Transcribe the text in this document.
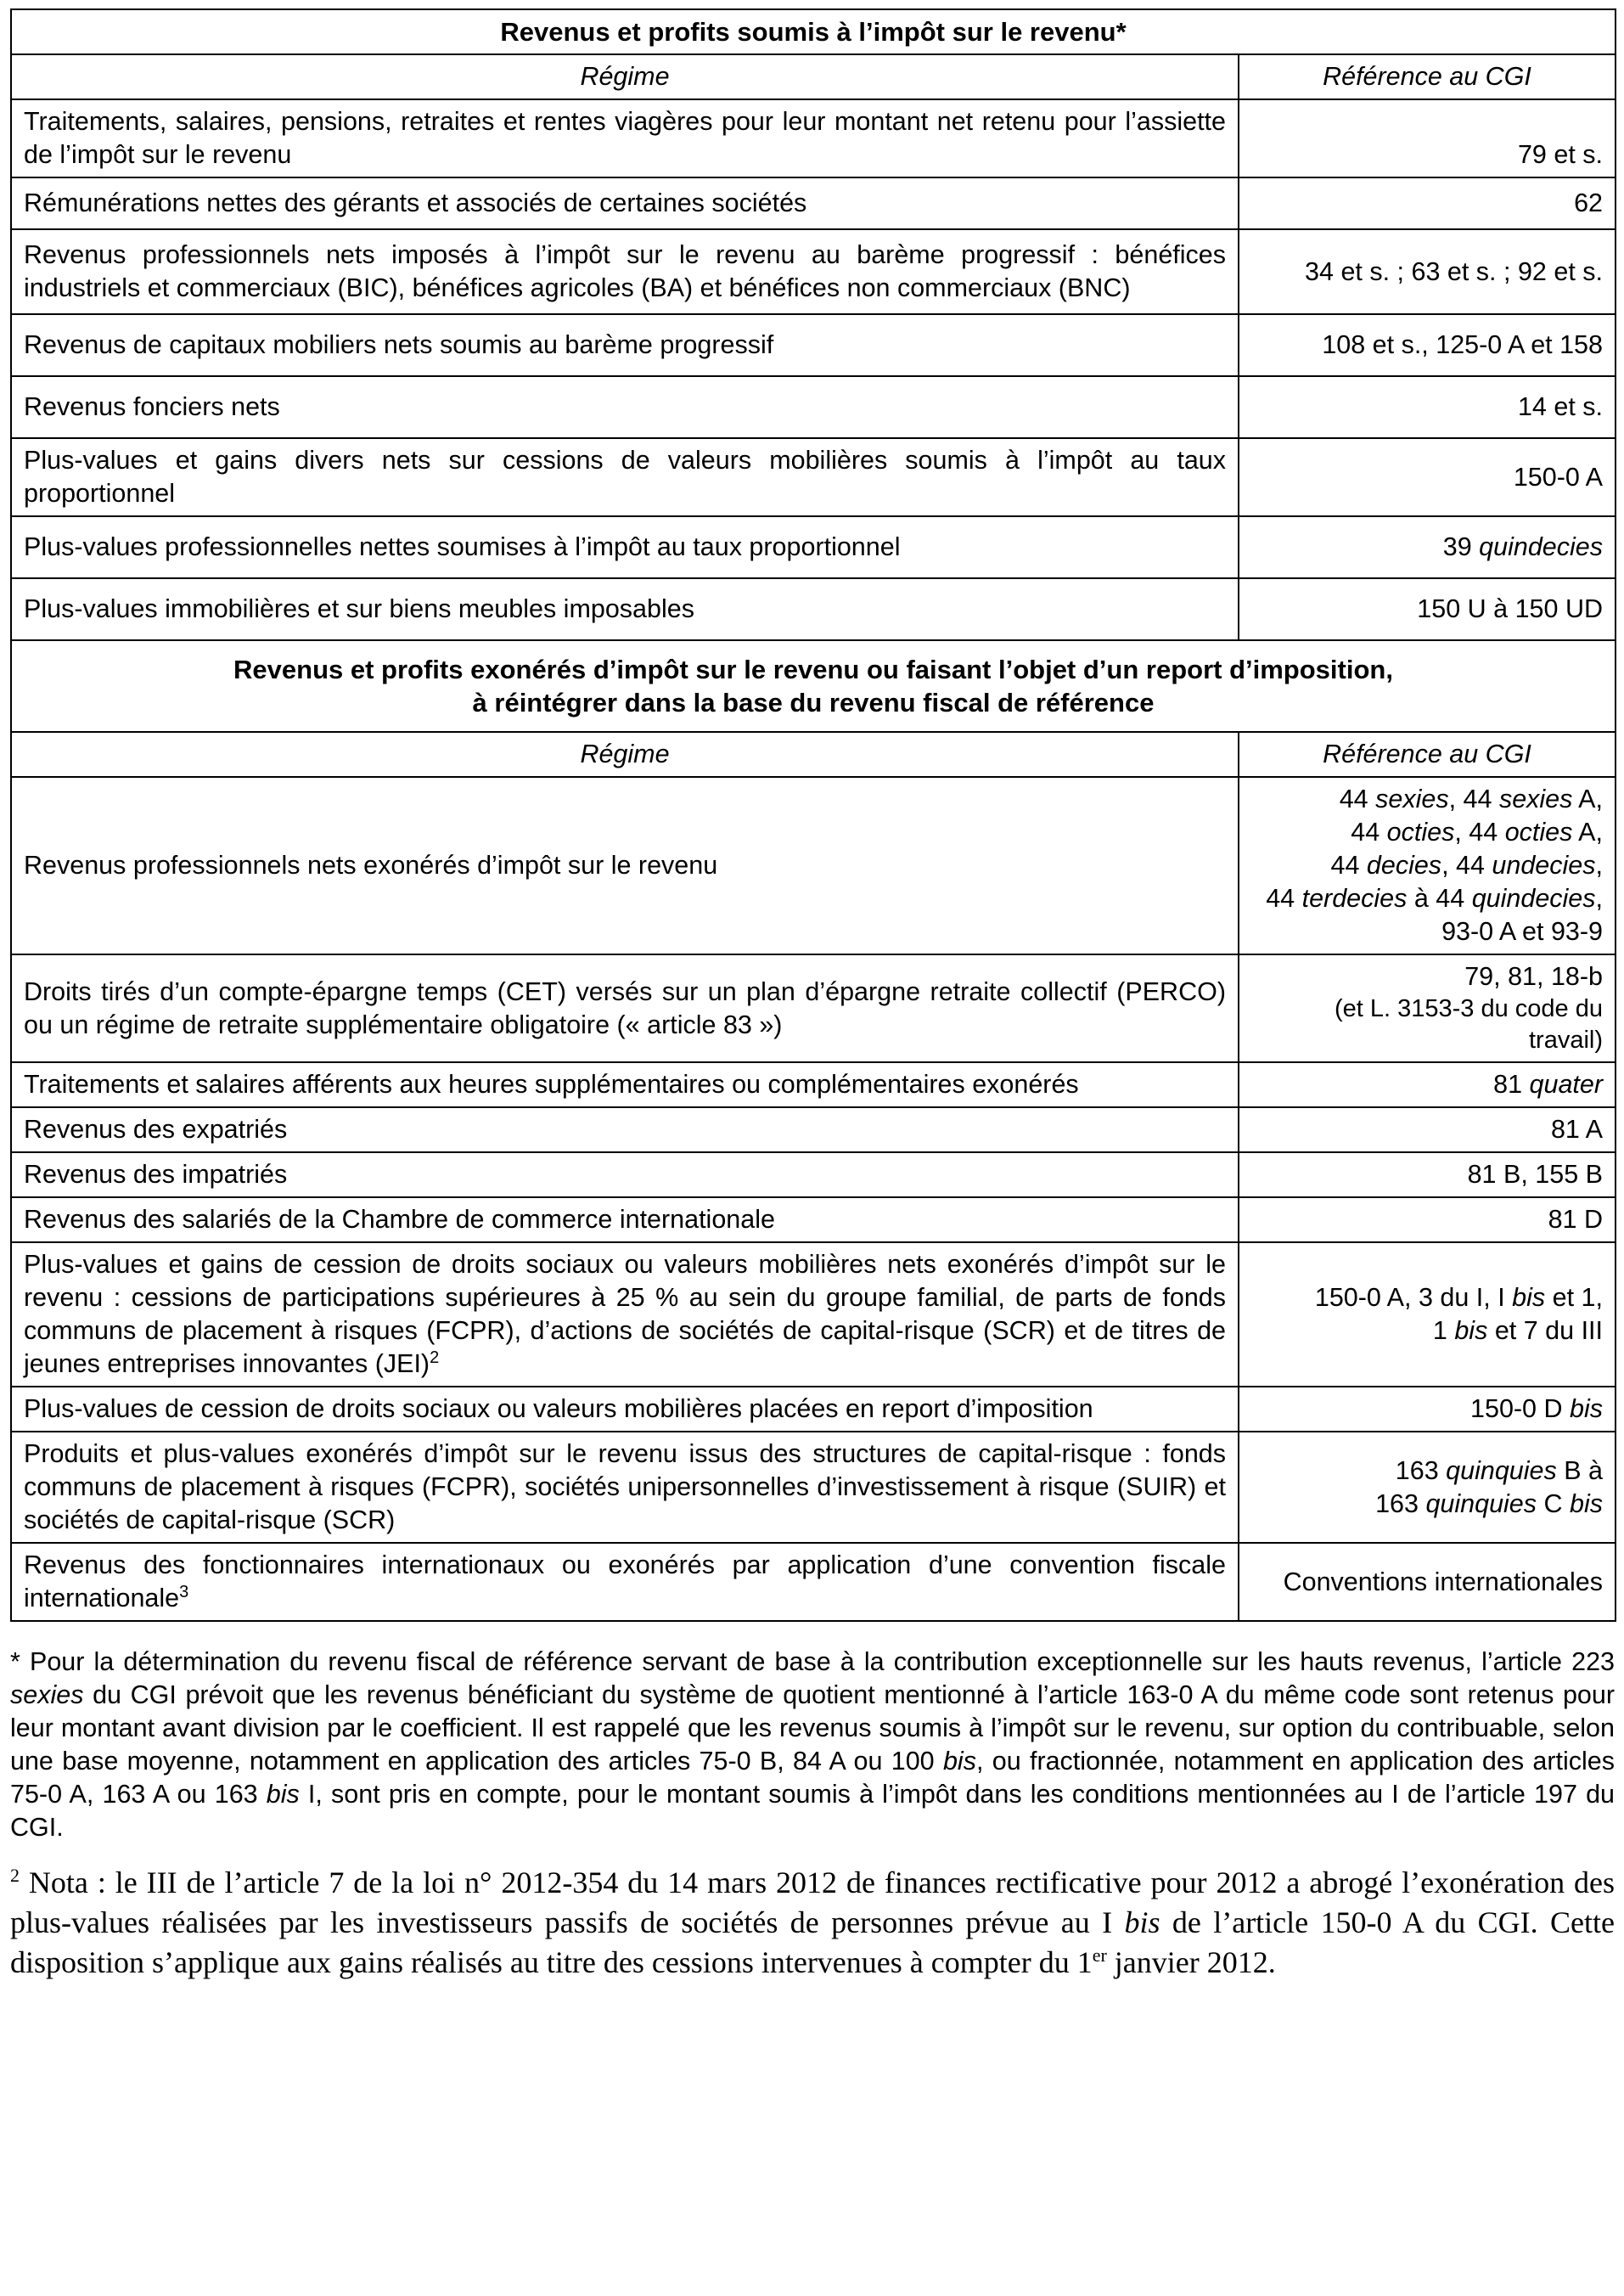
Revenus et profits soumis à l’impôt sur le revenu*	
Régime	Référence au CGI
Traitements, salaires, pensions, retraites et rentes viagères pour leur montant net retenu pour l’assiette de l’impôt sur le revenu	79 et s.
Rémunérations nettes des gérants et associés de certaines sociétés	62
Revenus professionnels nets imposés à l’impôt sur le revenu au barème progressif : bénéfices industriels et commerciaux (BIC), bénéfices agricoles (BA) et bénéfices non commerciaux (BNC)	34 et s. ; 63 et s. ; 92 et s.
Revenus de capitaux mobiliers nets soumis au barème progressif	108 et s., 125-0 A et 158
Revenus fonciers nets	14 et s.
Plus-values et gains divers nets sur cessions de valeurs mobilières soumis à l’impôt au taux proportionnel	150-0 A
Plus-values professionnelles nettes soumises à l’impôt au taux proportionnel	39 quindecies
Plus-values immobilières et sur biens meubles imposables	150 U à 150 UD

Revenus et profits exonérés d’impôt sur le revenu ou faisant l’objet d’un report d’imposition,
à réintégrer dans la base du revenu fiscal de référence	

Régime	Référence au CGI
Revenus professionnels nets exonérés d’impôt sur le revenu	44 sexies, 44 sexies A,
44 octies, 44 octies A,
44 decies, 44 undecies,
44 terdecies à 44 quindecies,
93-0 A et 93-9

Droits tirés d’un compte-épargne temps (CET) versés sur un plan d’épargne retraite collectif (PERCO) ou un régime de retraite supplémentaire obligatoire (« article 83 »)	79, 81, 18-b
(et L. 3153-3 du code du
travail)

Traitements et salaires afférents aux heures supplémentaires ou complémentaires exonérés	81 quater
Revenus des expatriés	81 A
Revenus des impatriés	81 B, 155 B
Revenus des salariés de la Chambre de commerce internationale	81 D
Plus-values et gains de cession de droits sociaux ou valeurs mobilières nets exonérés d’impôt sur le revenu : cessions de participations supérieures à 25 % au sein du groupe familial, de parts de fonds communs de placement à risques (FCPR), d’actions de sociétés de capital-risque (SCR) et de titres de jeunes entreprises innovantes (JEI)$^2$	150-0 A, 3 du I, I bis et 1,
1 bis et 7 du III

Plus-values de cession de droits sociaux ou valeurs mobilières placées en report d’imposition	150-0 D bis
Produits et plus-values exonérés d’impôt sur le revenu issus des structures de capital-risque : fonds communs de placement à risques (FCPR), sociétés unipersonnelles d’investissement à risque (SUIR) et sociétés de capital-risque (SCR)	163 quinquies B à
163 quinquies C bis

Revenus des fonctionnaires internationaux ou exonérés par application d’une convention fiscale internationale$^3$	Conventions internationales
* Pour la détermination du revenu fiscal de référence servant de base à la contribution exceptionnelle sur les hauts revenus, l’article 223 sexies du CGI prévoit que les revenus bénéficiant du système de quotient mentionné à l’article 163-0 A du même code sont retenus pour leur montant avant division par le coefficient. Il est rappelé que les revenus soumis à l’impôt sur le revenu, sur option du contribuable, selon une base moyenne, notamment en application des articles 75-0 B, 84 A ou 100 bis, ou fractionnée, notamment en application des articles 75-0 A, 163 A ou 163 bis I, sont pris en compte, pour le montant soumis à l’impôt dans les conditions mentionnées au I de l’article 197 du CGI.
$^2$ Nota : le III de l’article 7 de la loi n° 2012-354 du 14 mars 2012 de finances rectificative pour 2012 a abrogé l’exonération des plus-values réalisées par les investisseurs passifs de sociétés de personnes prévue au I bis de l’article 150-0 A du CGI. Cette disposition s’applique aux gains réalisés au titre des cessions intervenues à compter du 1er janvier 2012.
